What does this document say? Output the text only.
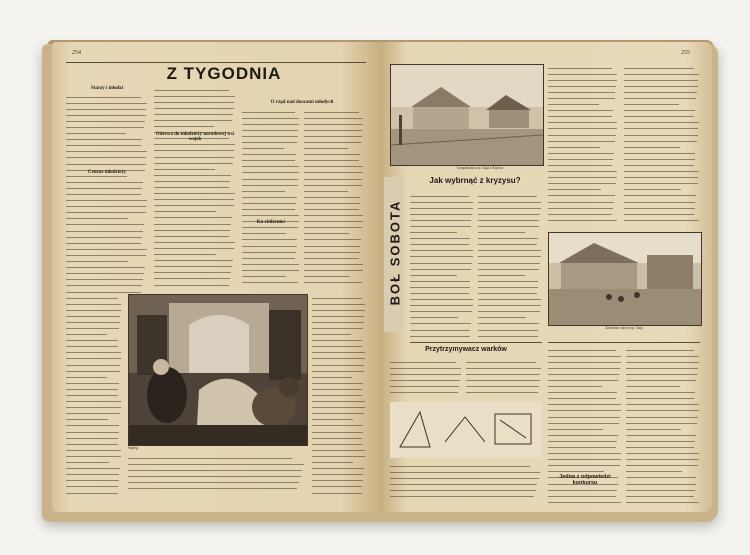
254
Z TYGODNIA
Starzy i młodzi
Cenzus młodzieży
Odezwa do młodzieży narodowej wsi wojsk
O rząd nad duszami młodych
Ku zbliżeniu!
Szpieg
255
Gospodarstwo p. Gaja z Kijowa
BOŁ SOBOTA
Jak wybrnąć z kryzysu?
Zarodowe okrycie p. Gaja
Przytrzymywacz warków
Jedna z odpowiedzi konkursu
